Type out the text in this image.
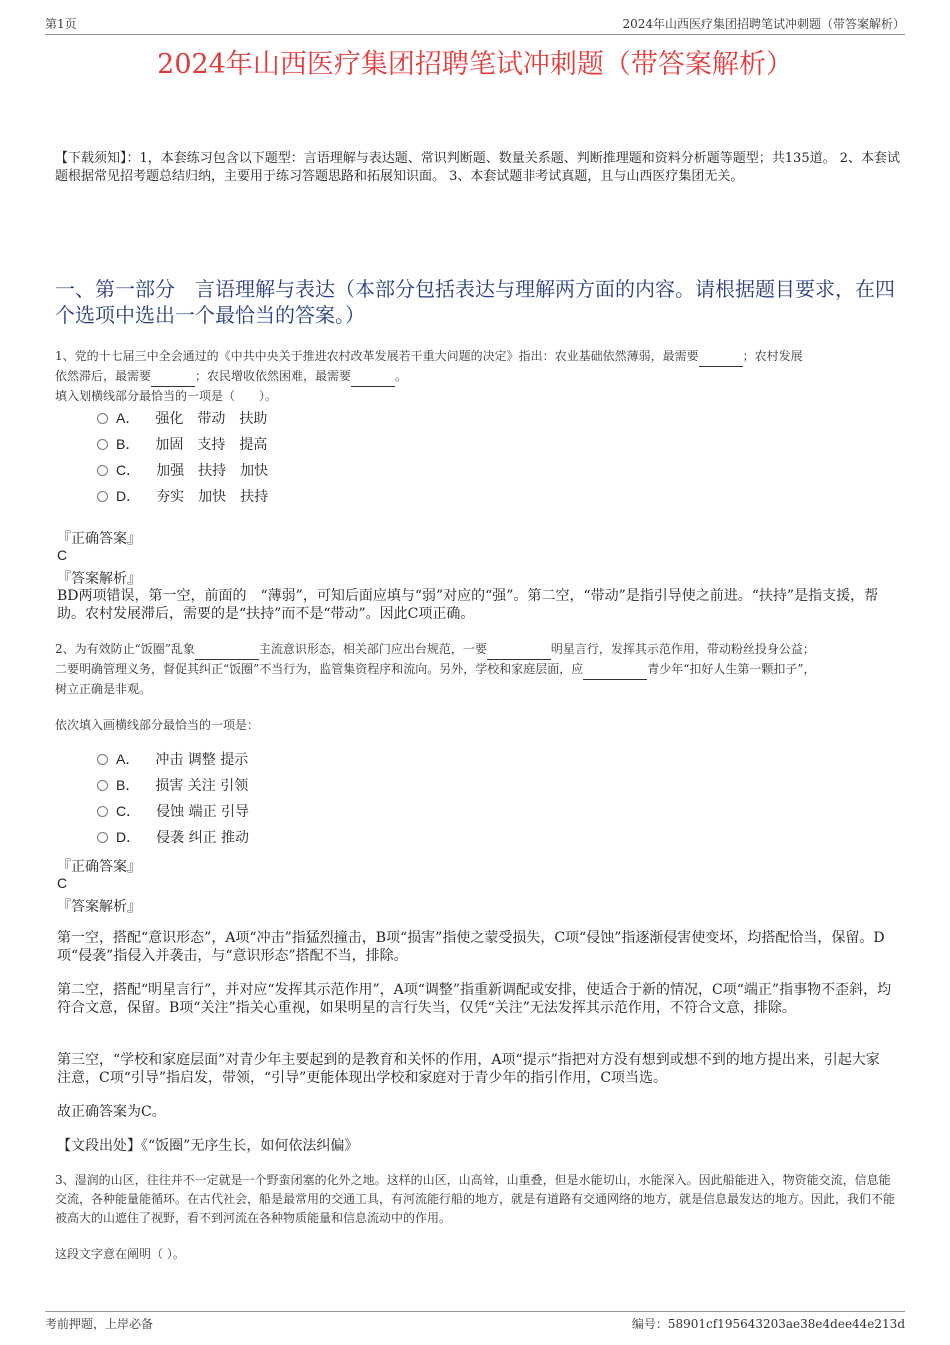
第1页	2024年山西医疗集团招聘笔试冲刺题（带答案解析）
2024年山西医疗集团招聘笔试冲刺题（带答案解析）
【下载须知】：1，本套练习包含以下题型：言语理解与表达题、常识判断题、数量关系题、判断推理题和资料分析题等题型；共135道。 2、本套试题根据常见招考题总结归纳，主要用于练习答题思路和拓展知识面。 3、本套试题非考试真题，且与山西医疗集团无关。
一、第一部分　言语理解与表达（本部分包括表达与理解两方面的内容。请根据题目要求，在四个选项中选出一个最恰当的答案。）
1、党的十七届三中全会通过的《中共中央关于推进农村改革发展若干重大问题的决定》指出：农业基础依然薄弱，最需要	；农村发展
依然滞后，最需要	；农民增收依然困难，最需要	。
填入划横线部分最恰当的一项是（　　）。
A． 强化　带动　扶助
B． 加固　支持　提高
C． 加强　扶持　加快
D． 夯实　加快　扶持
『正确答案』
C
『答案解析』
BD两项错误，第一空，前面的　“薄弱”，可知后面应填与“弱”对应的“强”。第二空，“带动”是指引导使之前进。“扶持”是指支援，帮助。农村发展滞后，需要的是“扶持”而不是“带动”。因此C项正确。
2、为有效防止“饭圈”乱象	主流意识形态，相关部门应出台规范，一要	明星言行，发挥其示范作用，带动粉丝投身公益；
二要明确管理义务，督促其纠正“饭圈”不当行为，监管集资程序和流向。另外，学校和家庭层面，应	青少年“扣好人生第一颗扣子”，
树立正确是非观。
依次填入画横线部分最恰当的一项是：
A． 冲击 调整 提示
B． 损害 关注 引领
C． 侵蚀 端正 引导
D． 侵袭 纠正 推动
『正确答案』
C
『答案解析』
第一空，搭配“意识形态”，A项“冲击”指猛烈撞击，B项“损害”指使之蒙受损失，C项“侵蚀”指逐渐侵害使变坏，均搭配恰当，保留。D项“侵袭”指侵入并袭击，与“意识形态”搭配不当，排除。
第二空，搭配“明星言行”，并对应“发挥其示范作用”，A项“调整”指重新调配或安排，使适合于新的情况，C项“端正”指事物不歪斜，均符合文意，保留。B项“关注”指关心重视，如果明星的言行失当，仅凭“关注”无法发挥其示范作用，不符合文意，排除。
第三空，“学校和家庭层面”对青少年主要起到的是教育和关怀的作用，A项“提示”指把对方没有想到或想不到的地方提出来，引起大家注意，C项“引导”指启发，带领，“引导”更能体现出学校和家庭对于青少年的指引作用，C项当选。
故正确答案为C。
【文段出处】《“饭圈”无序生长，如何依法纠偏》
3、湿润的山区，往往并不一定就是一个野蛮闭塞的化外之地。这样的山区，山高耸，山重叠，但是水能切山，水能深入。因此船能进入，物资能交流，信息能交流，各种能量能循环。在古代社会，船是最常用的交通工具，有河流能行船的地方，就是有道路有交通网络的地方，就是信息最发达的地方。因此，我们不能被高大的山遮住了视野，看不到河流在各种物质能量和信息流动中的作用。
这段文字意在阐明（ ）。
考前押题，上岸必备	编号：58901cf195643203ae38e4dee44e213d
